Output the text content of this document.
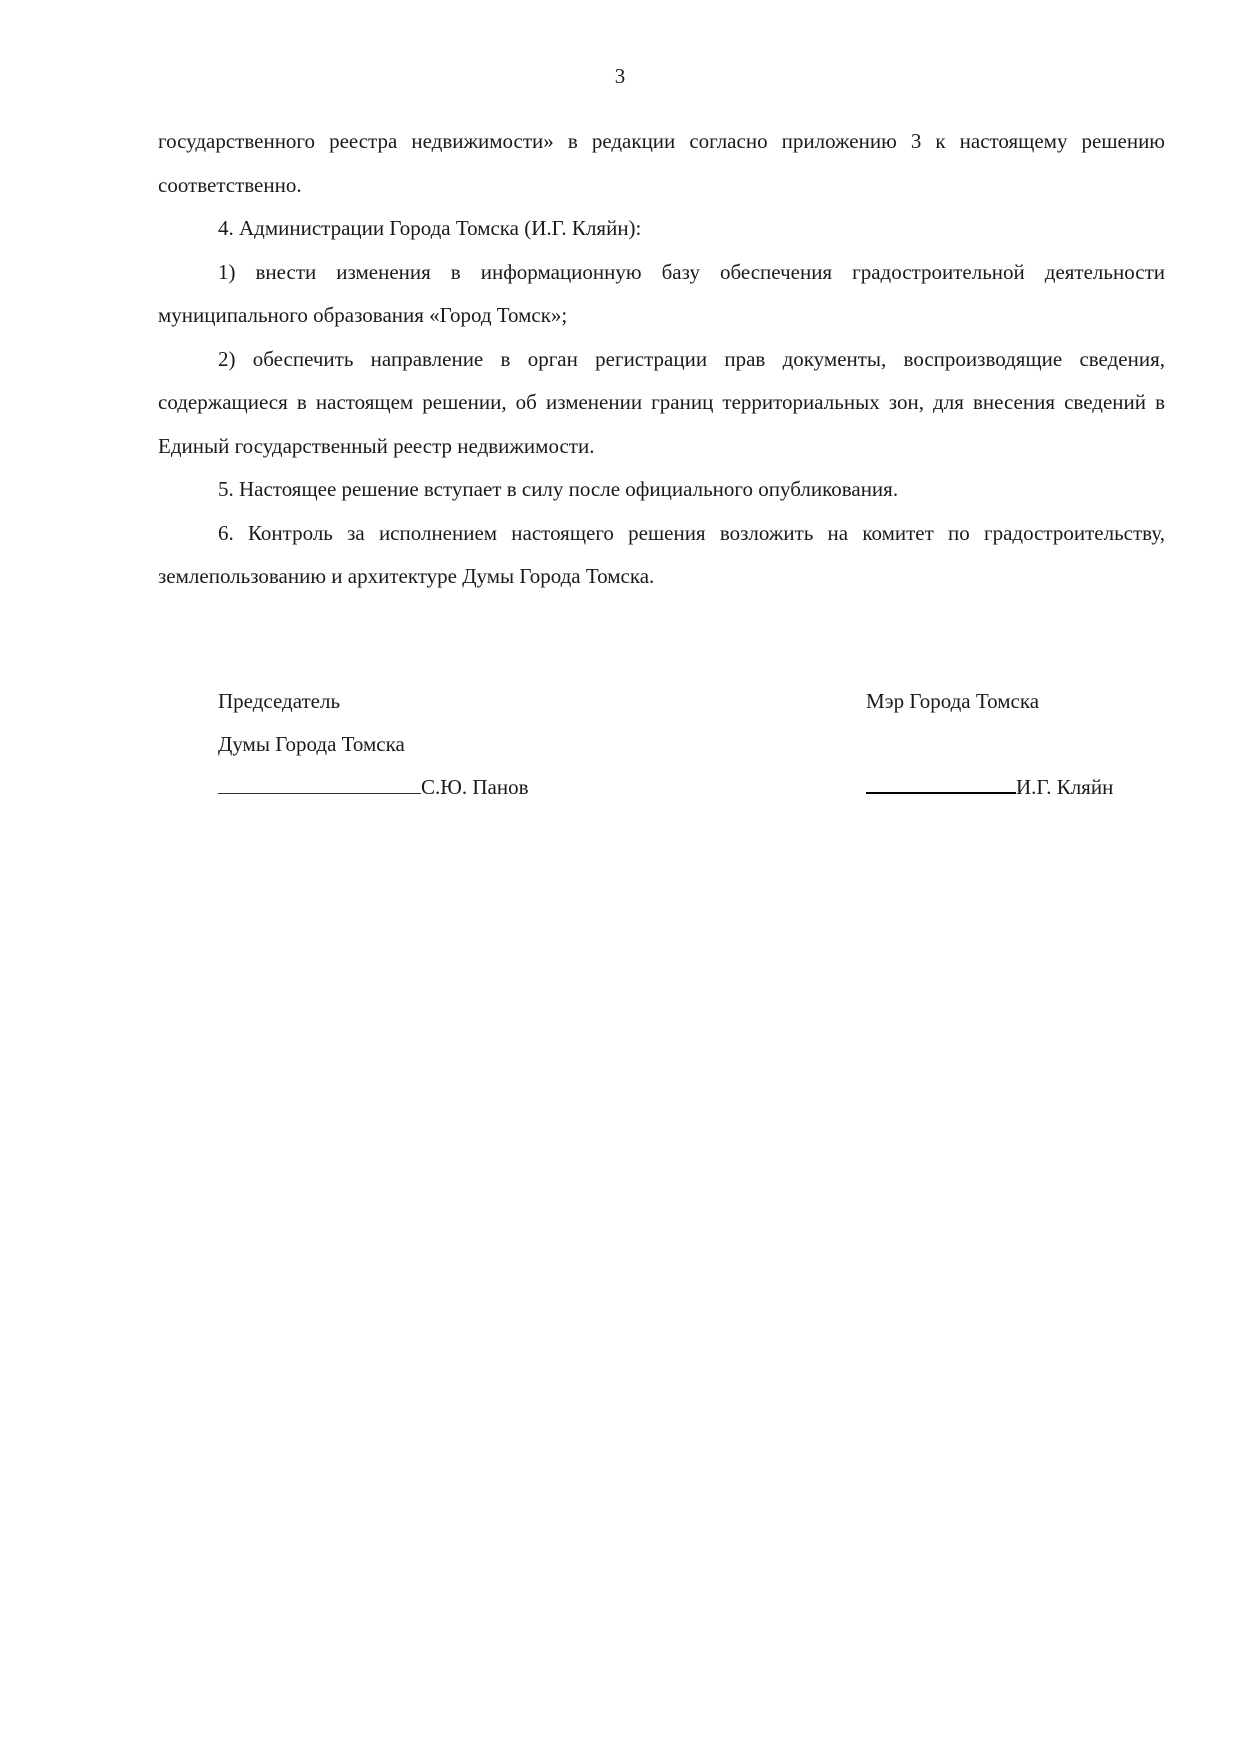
3

государственного реестра недвижимости» в редакции согласно приложению 3 к настоящему решению соответственно.

4. Администрации Города Томска (И.Г. Кляйн):

1) внести изменения в информационную базу обеспечения градостроительной деятельности муниципального образования «Город Томск»;

2) обеспечить направление в орган регистрации прав документы, воспроизводящие сведения, содержащиеся в настоящем решении, об изменении границ территориальных зон, для внесения сведений в Единый государственный реестр недвижимости.

5. Настоящее решение вступает в силу после официального опубликования.

6. Контроль за исполнением настоящего решения возложить на комитет по градостроительству, землепользованию и архитектуре Думы Города Томска.

Председатель
Думы Города Томска
С.Ю. Панов
Мэр Города Томска

И.Г. Кляйн
